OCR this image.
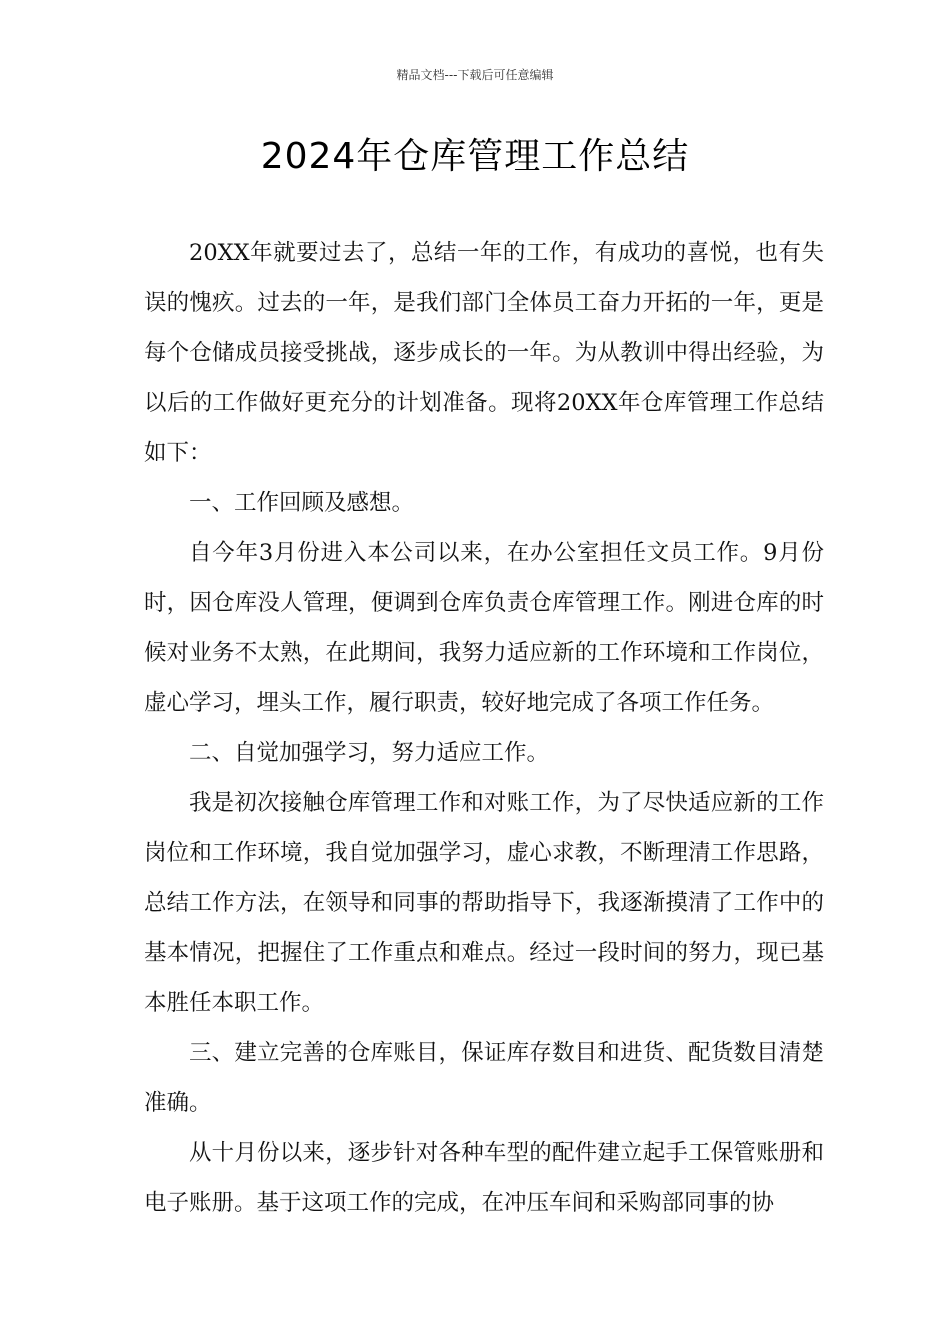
精品文档---下载后可任意编辑
2024年仓库管理工作总结

20XX年就要过去了，总结一年的工作，有成功的喜悦，也有失误的愧疚。过去的一年，是我们部门全体员工奋力开拓的一年，更是每个仓储成员接受挑战，逐步成长的一年。为从教训中得出经验，为以后的工作做好更充分的计划准备。现将20XX年仓库管理工作总结如下：

一、工作回顾及感想。

自今年3月份进入本公司以来，在办公室担任文员工作。9月份时，因仓库没人管理，便调到仓库负责仓库管理工作。刚进仓库的时候对业务不太熟，在此期间，我努力适应新的工作环境和工作岗位，虚心学习，埋头工作，履行职责，较好地完成了各项工作任务。

二、自觉加强学习，努力适应工作。

我是初次接触仓库管理工作和对账工作，为了尽快适应新的工作岗位和工作环境，我自觉加强学习，虚心求教，不断理清工作思路，总结工作方法，在领导和同事的帮助指导下，我逐渐摸清了工作中的基本情况，把握住了工作重点和难点。经过一段时间的努力，现已基本胜任本职工作。

三、建立完善的仓库账目，保证库存数目和进货、配货数目清楚准确。

从十月份以来，逐步针对各种车型的配件建立起手工保管账册和电子账册。基于这项工作的完成，在冲压车间和采购部同事的协
